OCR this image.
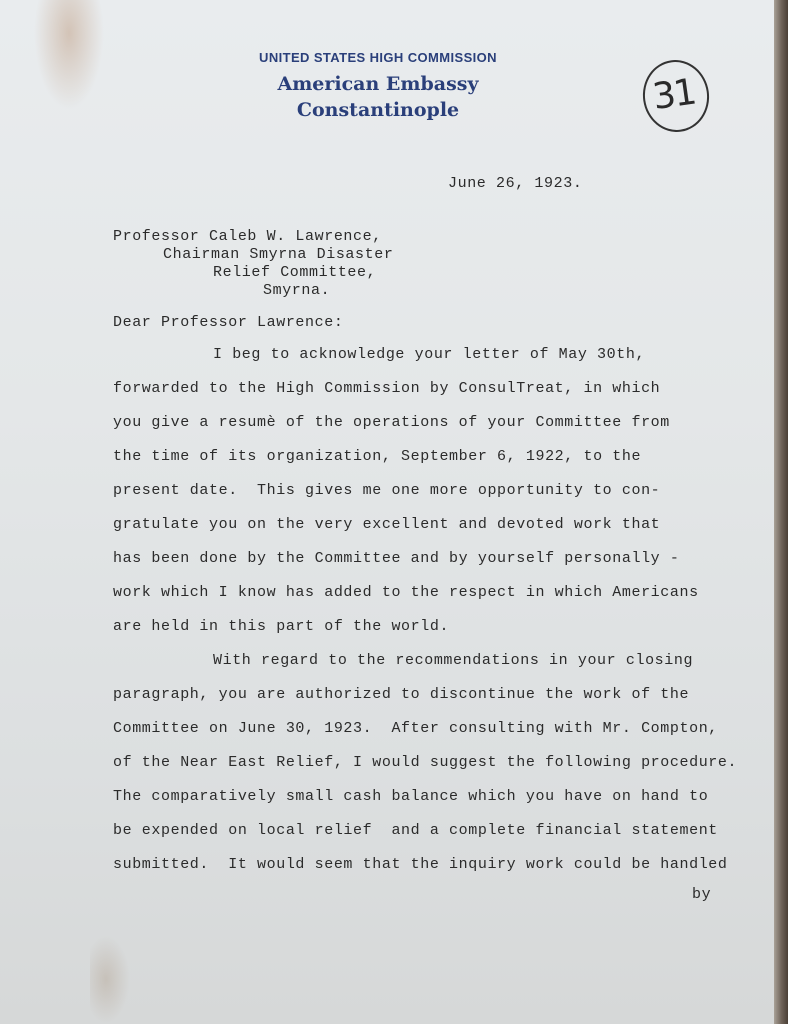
UNITED STATES HIGH COMMISSION
American Embassy
Constantinople	31
June 26, 1923.
Professor Caleb W. Lawrence,
Chairman Smyrna Disaster
Relief Committee,
Smyrna.
Dear Professor Lawrence:
I beg to acknowledge your letter of May 30th,
forwarded to the High Commission by ConsulTreat, in which
you give a resumè of the operations of your Committee from
the time of its organization, September 6, 1922, to the
present date.  This gives me one more opportunity to con-
gratulate you on the very excellent and devoted work that
has been done by the Committee and by yourself personally -
work which I know has added to the respect in which Americans
are held in this part of the world.
With regard to the recommendations in your closing
paragraph, you are authorized to discontinue the work of the
Committee on June 30, 1923.  After consulting with Mr. Compton,
of the Near East Relief, I would suggest the following procedure.
The comparatively small cash balance which you have on hand to
be expended on local relief  and a complete financial statement
submitted.  It would seem that the inquiry work could be handled
by
